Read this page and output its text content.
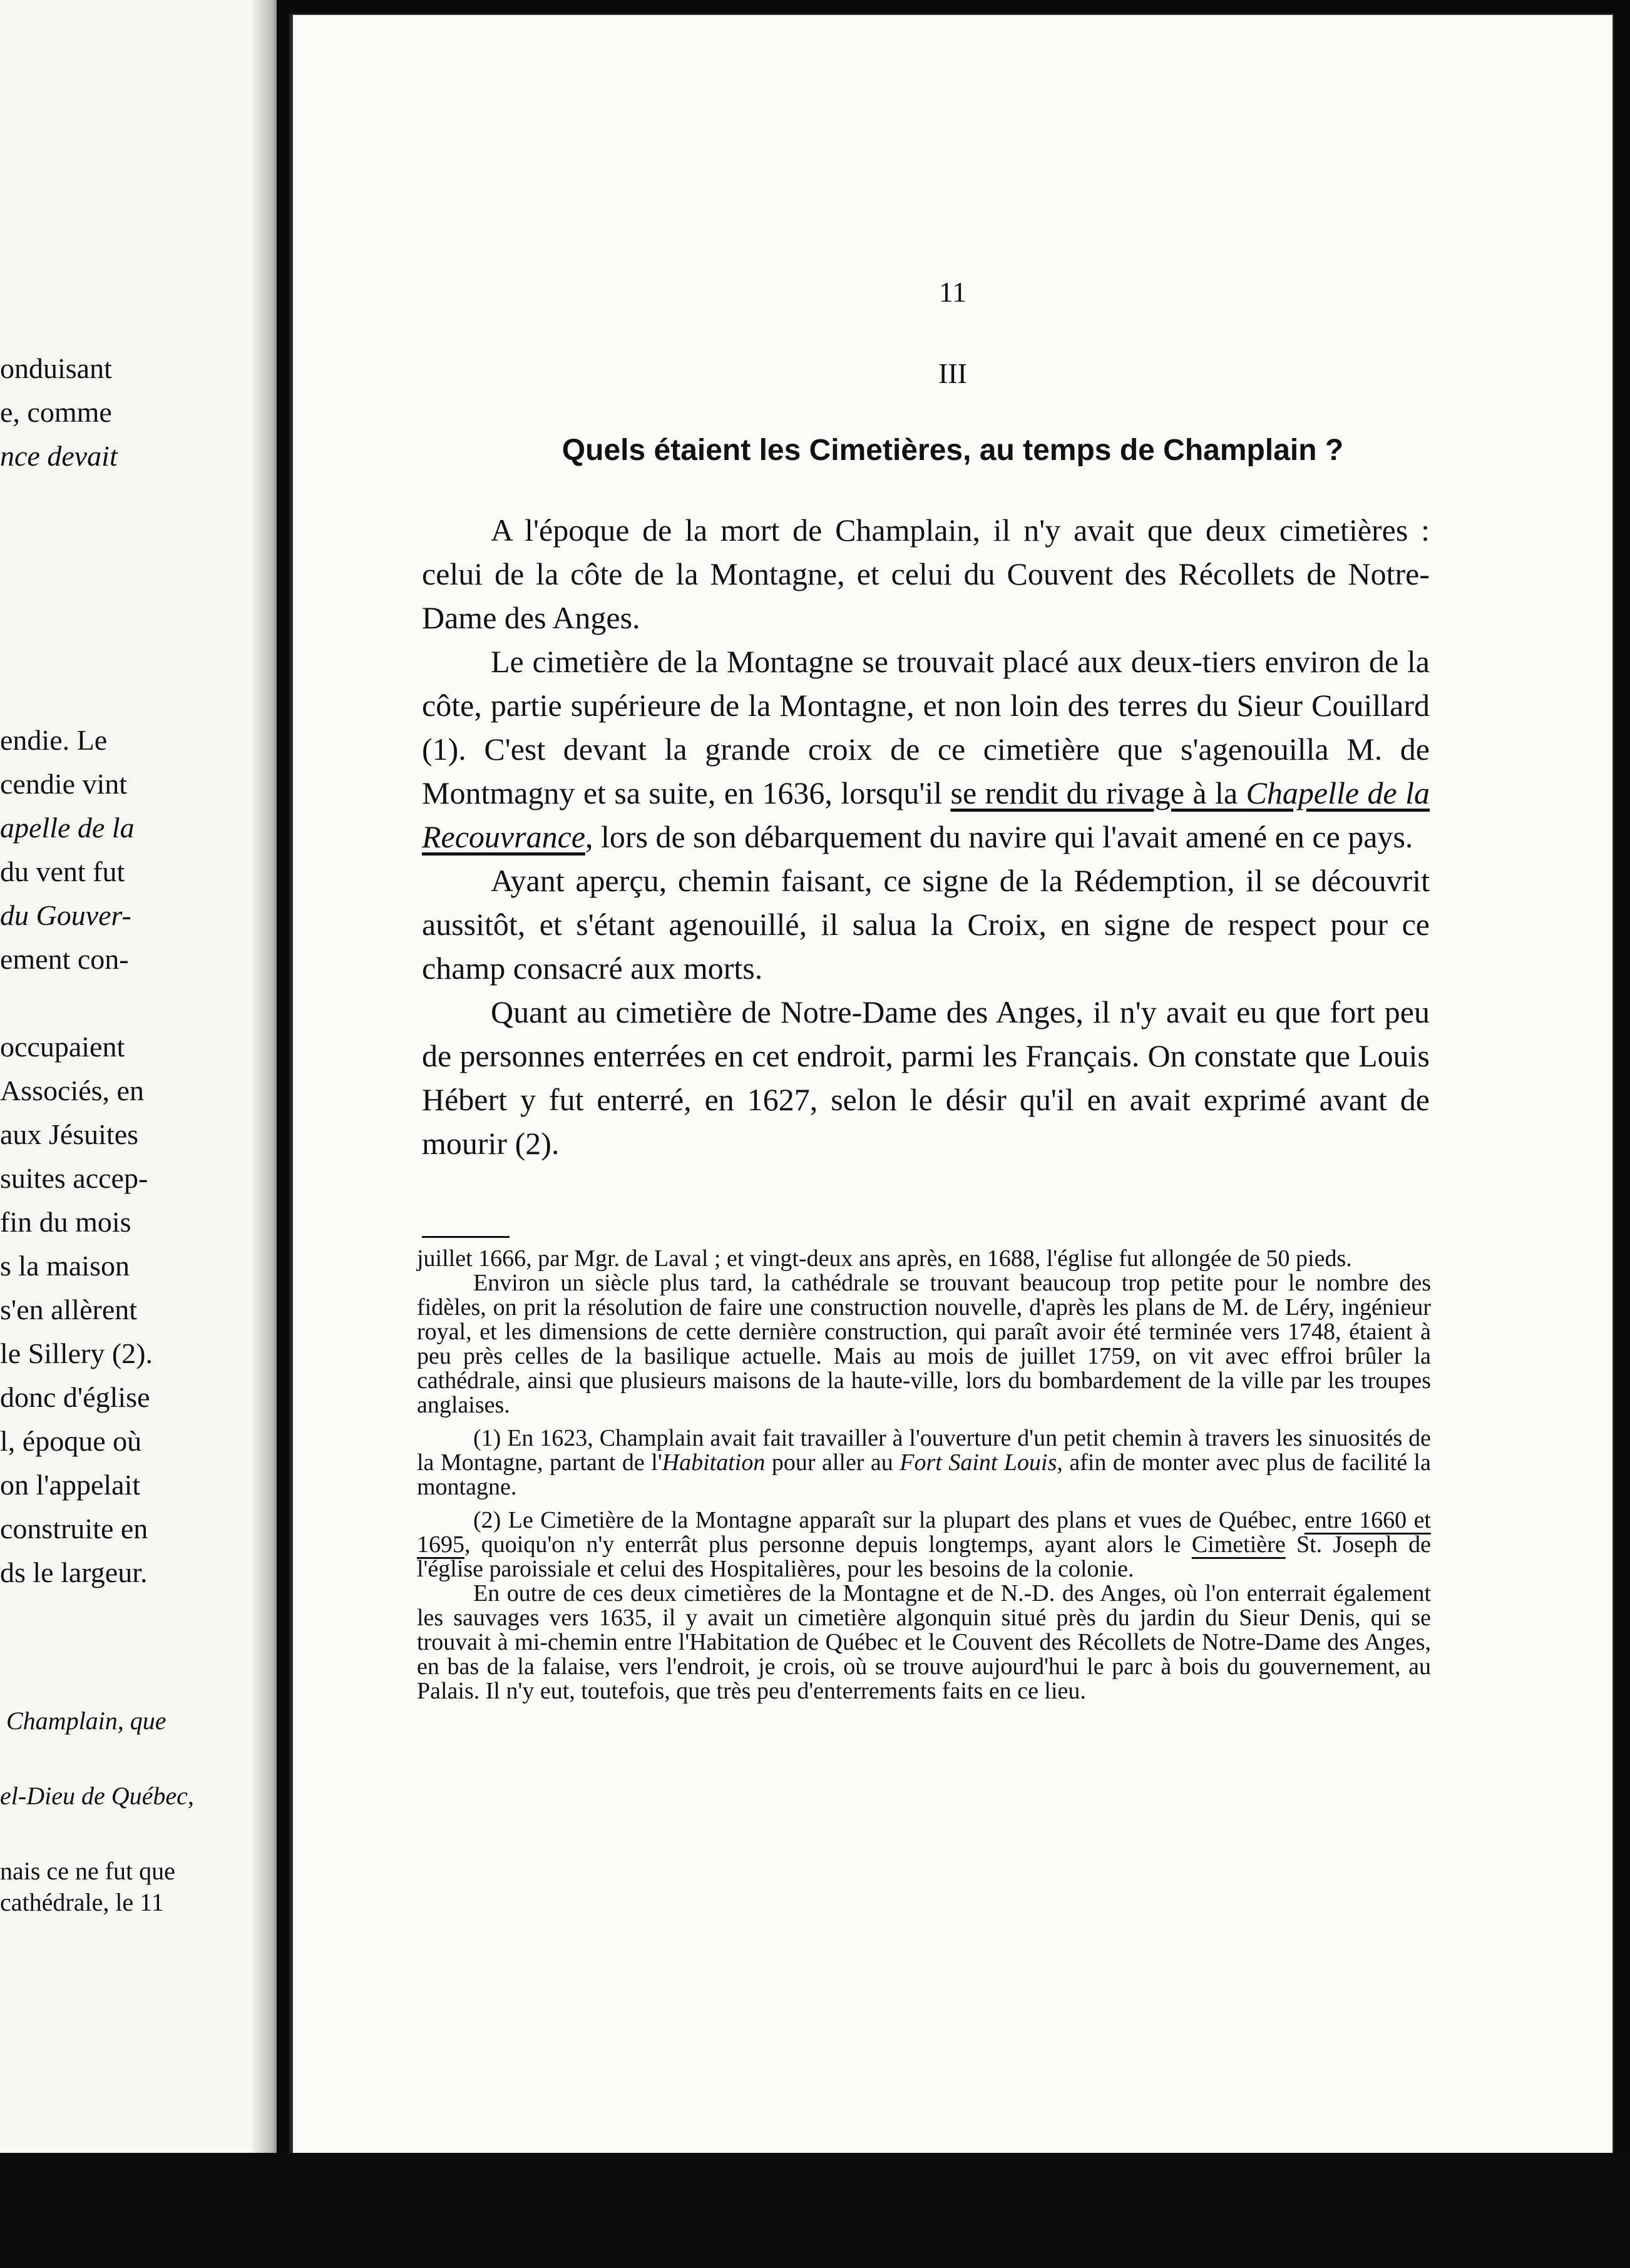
onduisant
e, comme
nce devait
endie. Le
cendie vint
apelle de la
du vent fut
du Gouver-
ement con-
occupaient
Associés, en
aux Jésuites
suites accep-
fin du mois
s la maison
s'en allèrent
le Sillery (2).
donc d'église
l, époque où
on l'appelait
construite en
ds le largeur.
Champlain, que
el-Dieu de Québec,
nais ce ne fut que
cathédrale, le 11
11
III
Quels étaient les Cimetières, au temps de Champlain ?

A l'époque de la mort de Champlain, il n'y avait que deux cimetières : celui de la côte de la Montagne, et celui du Couvent des Récollets de Notre-Dame des Anges.

Le cimetière de la Montagne se trouvait placé aux deux-tiers environ de la côte, partie supérieure de la Montagne, et non loin des terres du Sieur Couillard (1). C'est devant la grande croix de ce cimetière que s'agenouilla M. de Montmagny et sa suite, en 1636, lorsqu'il se rendit du rivage à la Chapelle de la Recouvrance, lors de son débarquement du navire qui l'avait amené en ce pays.

Ayant aperçu, chemin faisant, ce signe de la Rédemption, il se découvrit aussitôt, et s'étant agenouillé, il salua la Croix, en signe de respect pour ce champ consacré aux morts.

Quant au cimetière de Notre-Dame des Anges, il n'y avait eu que fort peu de personnes enterrées en cet endroit, parmi les Français. On constate que Louis Hébert y fut enterré, en 1627, selon le désir qu'il en avait exprimé avant de mourir (2).

juillet 1666, par Mgr. de Laval ; et vingt-deux ans après, en 1688, l'église fut allongée de 50 pieds.

Environ un siècle plus tard, la cathédrale se trouvant beaucoup trop petite pour le nombre des fidèles, on prit la résolution de faire une construction nouvelle, d'après les plans de M. de Léry, ingénieur royal, et les dimensions de cette dernière construction, qui paraît avoir été terminée vers 1748, étaient à peu près celles de la basilique actuelle. Mais au mois de juillet 1759, on vit avec effroi brûler la cathédrale, ainsi que plusieurs maisons de la haute-ville, lors du bombardement de la ville par les troupes anglaises.

(1) En 1623, Champlain avait fait travailler à l'ouverture d'un petit chemin à travers les sinuosités de la Montagne, partant de l'Habitation pour aller au Fort Saint Louis, afin de monter avec plus de facilité la montagne.

(2) Le Cimetière de la Montagne apparaît sur la plupart des plans et vues de Québec, entre 1660 et 1695, quoiqu'on n'y enterrât plus personne depuis longtemps, ayant alors le Cimetière St. Joseph de l'église paroissiale et celui des Hospitalières, pour les besoins de la colonie.

En outre de ces deux cimetières de la Montagne et de N.-D. des Anges, où l'on enterrait également les sauvages vers 1635, il y avait un cimetière algonquin situé près du jardin du Sieur Denis, qui se trouvait à mi-chemin entre l'Habitation de Québec et le Couvent des Récollets de Notre-Dame des Anges, en bas de la falaise, vers l'endroit, je crois, où se trouve aujourd'hui le parc à bois du gouvernement, au Palais. Il n'y eut, toutefois, que très peu d'enterrements faits en ce lieu.
